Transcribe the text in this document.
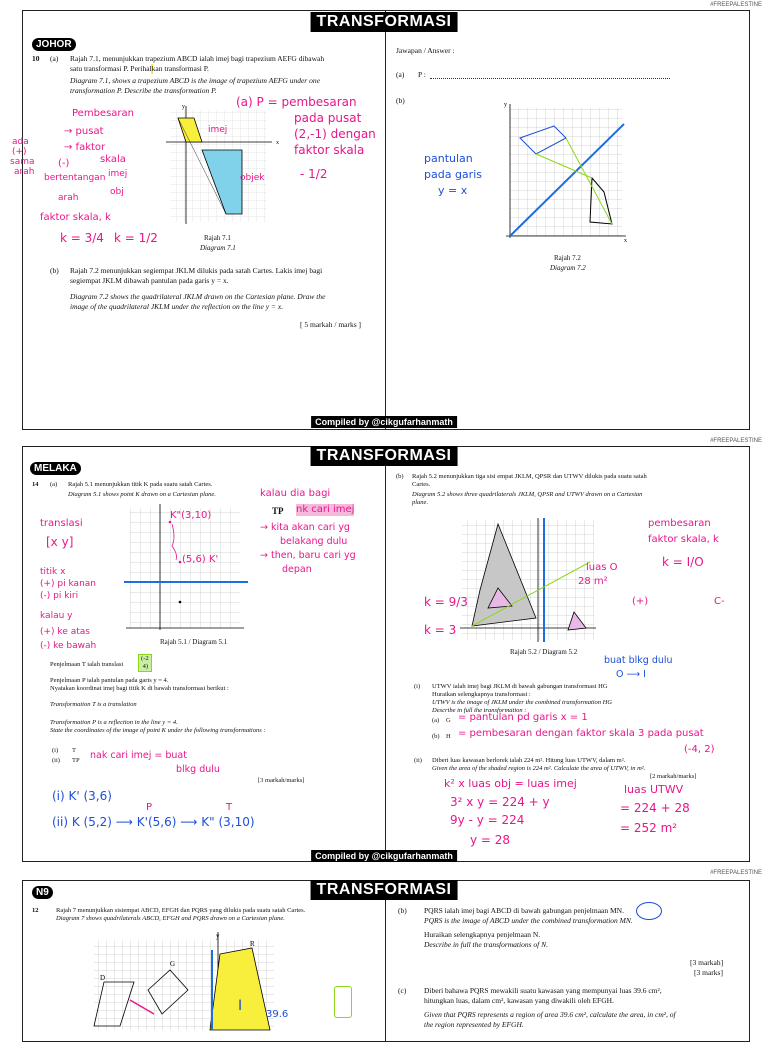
#FREEPALESTINE
TRANSFORMASI
JOHOR
10 (a) Rajah 7.1, menunjukkan trapezium ABCD ialah imej bagi trapezium AEFG dibawah

satu transformasi P. Perihalkan transformasi P.
Diagram 7.1, shows a trapezium ABCD is the image of trapezium AEFG under one
transformation P. Describe the transformation P.
x
y
Rajah 7.1
Diagram 7.1
Pembesaran
→ pusat
→ faktor
skala
ada
(+)
sama
arah
(-)
bertentangan
arah
imej
obj
faktor skala, k
k = 3/4 k = 1/2
imej
objek
(a) P = pembesaran
pada pusat
(2,-1) dengan
faktor skala
- 1/2
(b) Rajah 7.2 menunjukkan segiempat JKLM dilukis pada satah Cartes. Lakis imej bagi
segiempat JKLM dibawah pantulan pada garis y = x.
Diagram 7.2 shows the quadrilateral JKLM drawn on the Cartesian plane. Draw the
image of the quadrilateral JKLM under the reflection on the line y = x.
[ 5 markah / marks ]
Jawapan / Answer :
(a) P :
(b)	y
x
Rajah 7.2
Diagram 7.2
pantulan
pada garis
y = x
Compiled by @cikgufarhanmath
#FREEPALESTINE
TRANSFORMASI
MELAKA
14 (a) Rajah 5.1 menunjukkan titik K pada suatu satah Cartes.
Diagram 5.1 shows point K drawn on a Cartesian plane.
Rajah 5.1 / Diagram 5.1
K"(3,10)
(5,6) K'
translasi
[x y]
titik x
(+) pi kanan
(-) pi kiri
kalau y
(+) ke atas
(-) ke bawah
kalau dia bagi
TP nk cari imej
→ kita akan cari yg
belakang dulu
→ then, baru cari yg
depan
Penjelmaan T ialah translasi
(-2
4)
Penjelmaan P ialah pantulan pada garis y = 4.
Nyatakan koordinat imej bagi titik K di bawah transformasi berikut :
Transformation T is a translation
Transformation P is a reflection in the line y = 4.
State the coordinates of the image of point K under the following transformations :
(i) T
(ii) TP nak cari imej = buat
blkg dulu
[3 markah/marks]
(i) K' (3,6)
(ii) K (5,2) ⟶ K'(5,6) ⟶ K" (3,10)
P	T
(b) Rajah 5.2 menunjukkan tiga sisi empat JKLM, QPSR dan UTWV dilukis pada suatu satah
Cartes.
Diagram 5.2 shows three quadrilaterals JKLM, QPSR and UTWV drawn on a Cartesian
plane.
Rajah 5.2 / Diagram 5.2
pembesaran
faktor skala, k
k = I/O
(+)	C-
k = 9/3
k = 3
luas O
28 m²
buat blkg dulu
O ⟶ I
(i) UTWV ialah imej bagi JKLM di bawah gabungan transformasi HG
Huraikan selengkapnya transformasi :
UTWV is the image of JKLM under the combined transformation HG
Describe in full the transformation :
(a) G = pantulan pd garis x = 1
(b) H = pembesaran dengan faktor skala 3 pada pusat
(-4, 2)
(ii) Diberi luas kawasan berlorek ialah 224 m². Hitung luas UTWV, dalam m².
Given the area of the shaded region is 224 m². Calculate the area of UTWV, in m².
[2 markah/marks]
k² x luas obj = luas imej
3² x y = 224 + y
9y - y = 224
y = 28
luas UTWV
= 224 + 28
= 252 m²
Compiled by @cikgufarhanmath
#FREEPALESTINE
TRANSFORMASI
N9
12	Rajah 7 menunjukkan sisiempat ABCD, EFGH dan PQRS yang dilukis pada suatu satah Cartes.
Diagram 7 shows quadrilaterals ABCD, EFGH and PQRS drawn on a Cartesian plane.
D
G
R
y
I
39.6
(b) PQRS ialah imej bagi ABCD di bawah gabungan penjelmaan MN.
PQRS is the image of ABCD under the combined transformation MN.
Huraikan selengkapnya penjelmaan N.
Describe in full the transformations of N.
[3 markah]
[3 marks]
(c) Diberi bahawa PQRS mewakili suatu kawasan yang mempunyai luas 39.6 cm²,
hitungkan luas, dalam cm², kawasan yang diwakili oleh EFGH.
Given that PQRS represents a region of area 39.6 cm², calculate the area, in cm², of
the region represented by EFGH.
